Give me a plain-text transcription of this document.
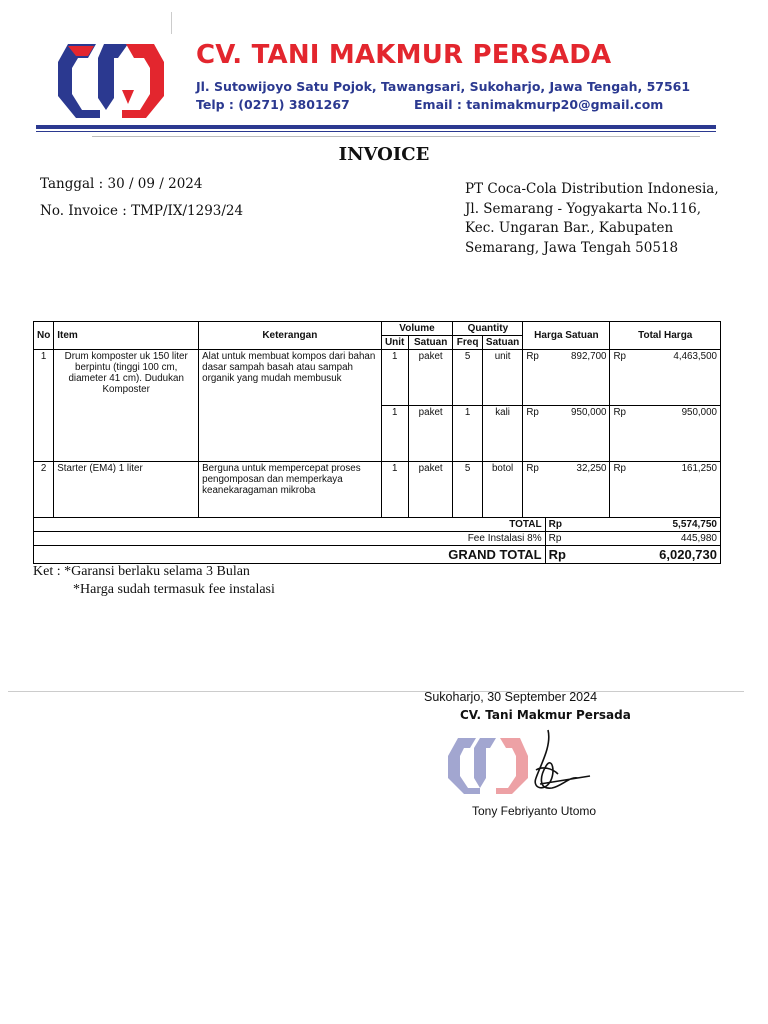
CV. TANI MAKMUR PERSADA
Jl. Sutowijoyo Satu Pojok, Tawangsari, Sukoharjo, Jawa Tengah, 57561
Telp : (0271) 3801267	Email : tanimakmurp20@gmail.com
INVOICE
Tanggal : 30 / 09 / 2024
No. Invoice : TMP/IX/1293/24
PT Coca-Cola Distribution Indonesia,
Jl. Semarang - Yogyakarta No.116,
Kec. Ungaran Bar., Kabupaten
Semarang, Jawa Tengah 50518
No	Item	Keterangan	Volume		Quantity		Harga Satuan		Total Harga	
			Unit	Satuan	Freq	Satuan				
1	Drum komposter uk 150 liter berpintu (tinggi 100 cm, diameter 41 cm). Dudukan Komposter	Alat untuk membuat kompos dari bahan dasar sampah basah atau sampah organik yang mudah membusuk	1	paket	5	unit	Rp	892,700	Rp	4,463,500
			1	paket	1	kali	Rp	950,000	Rp	950,000
2	Starter (EM4) 1 liter	Berguna untuk mempercepat proses pengomposan dan memperkaya keanekaragaman mikroba	1	paket	5	botol	Rp	32,250	Rp	161,250
TOTAL								Rp	5,574,750	
Fee Instalasi 8%								Rp	445,980	
GRAND TOTAL								Rp	6,020,730	
Ket : *Garansi berlaku selama 3 Bulan
*Harga sudah termasuk fee instalasi
Sukoharjo, 30 September 2024
CV. Tani Makmur Persada
Tony Febriyanto Utomo
